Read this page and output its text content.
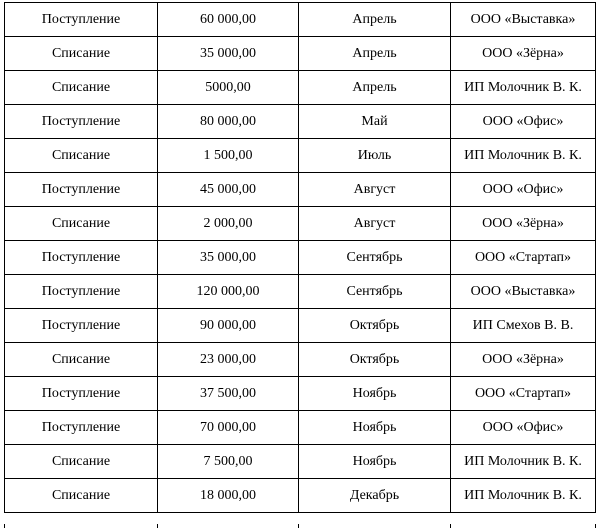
Поступление	60 000,00	Апрель	ООО «Выставка»
Списание	35 000,00	Апрель	ООО «Зёрна»
Списание	5000,00	Апрель	ИП Молочник В. К.
Поступление	80 000,00	Май	ООО «Офис»
Списание	1 500,00	Июль	ИП Молочник В. К.
Поступление	45 000,00	Август	ООО «Офис»
Списание	2 000,00	Август	ООО «Зёрна»
Поступление	35 000,00	Сентябрь	ООО «Стартап»
Поступление	120 000,00	Сентябрь	ООО «Выставка»
Поступление	90 000,00	Октябрь	ИП Смехов В. В.
Списание	23 000,00	Октябрь	ООО «Зёрна»
Поступление	37 500,00	Ноябрь	ООО «Стартап»
Поступление	70 000,00	Ноябрь	ООО «Офис»
Списание	7 500,00	Ноябрь	ИП Молочник В. К.
Списание	18 000,00	Декабрь	ИП Молочник В. К.
